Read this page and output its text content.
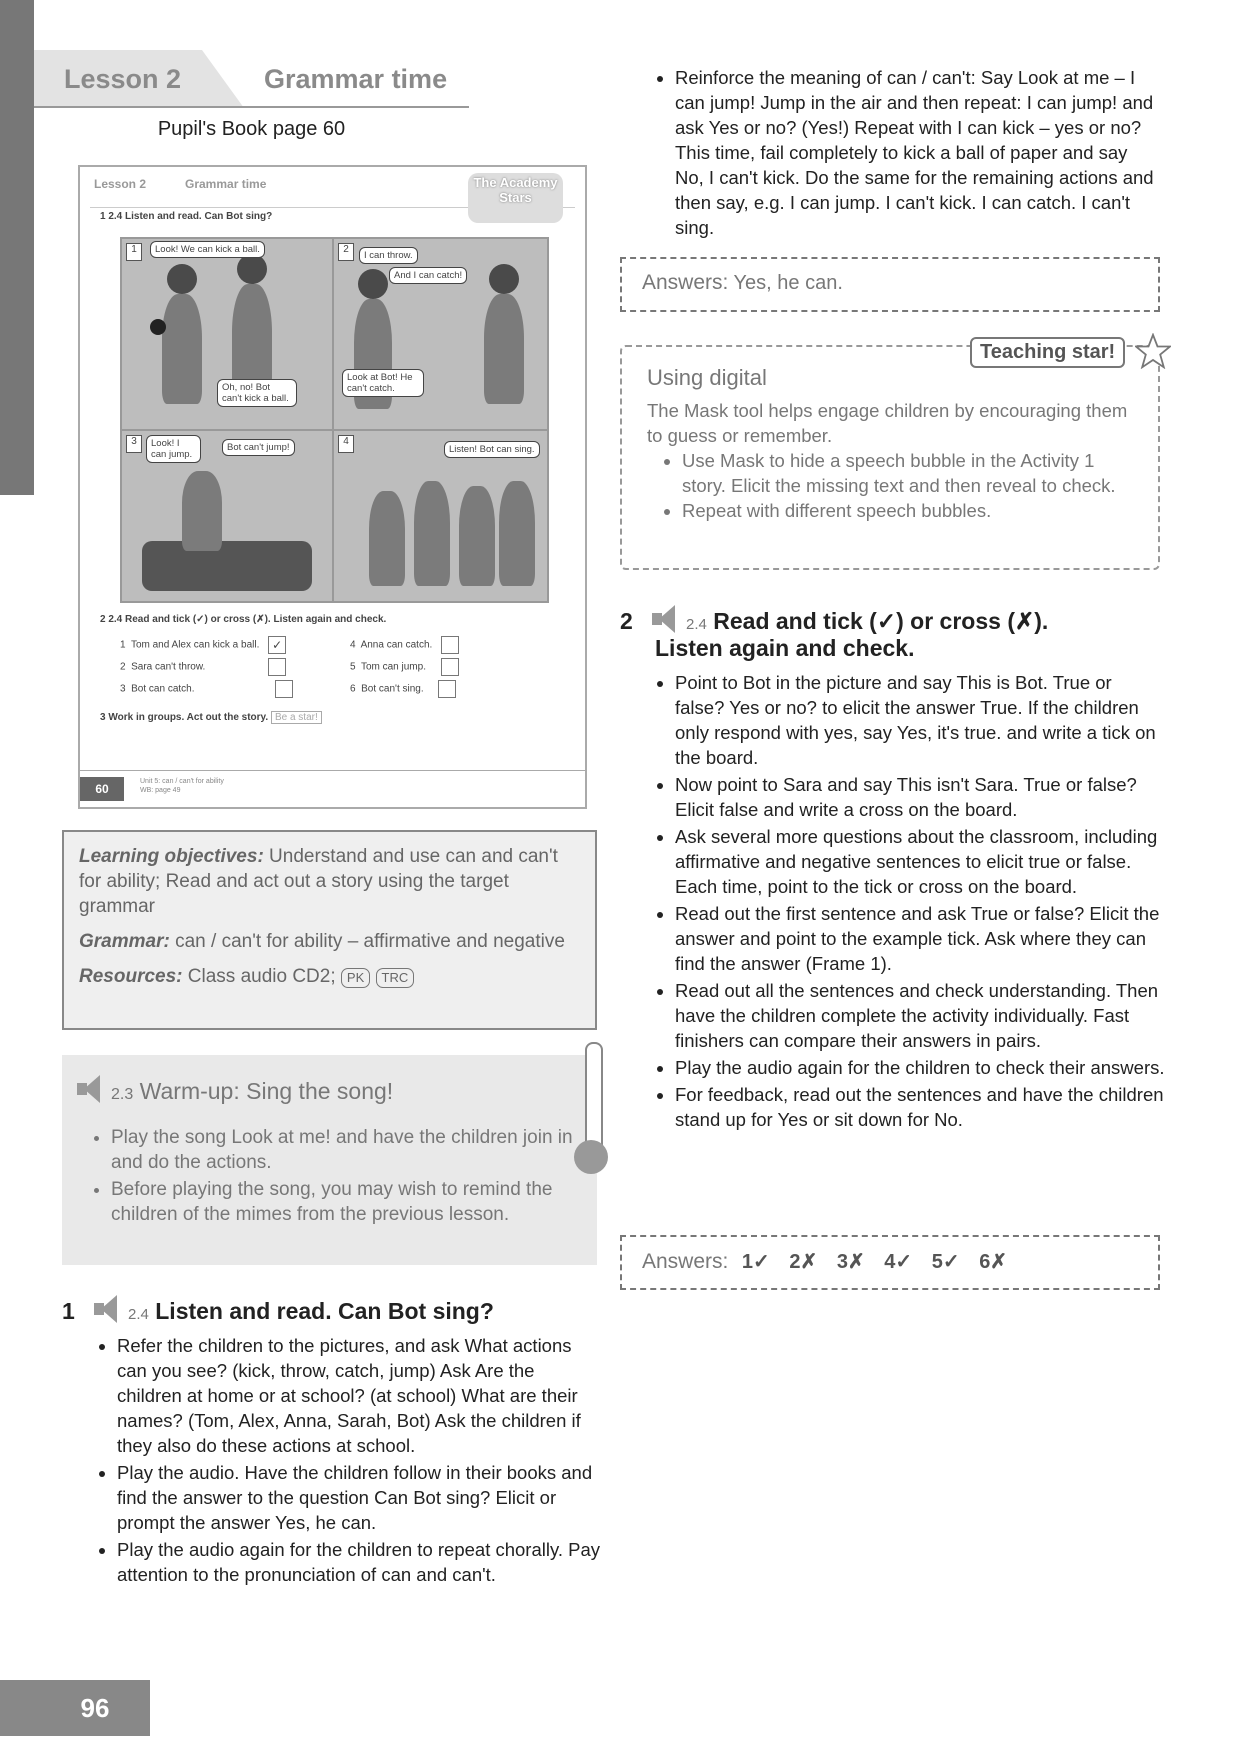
Lesson 2	Grammar time
Pupil's Book page 60
Lesson 2	Grammar time	The Academy Stars
1 2.4 Listen and read. Can Bot sing?
1	Look! We can kick a ball.
Oh, no! Bot can't kick a ball.
2
I can throw.
And I can catch!
Look at Bot! He can't catch.
3	Look! I can jump.
Bot can't jump!
4
Listen! Bot can sing.
2 2.4 Read and tick (✓) or cross (✗). Listen again and check.
1 Tom and Alex can kick a ball. ✓
2 Sara can't throw.
3 Bot can catch.
4 Anna can catch.
5 Tom can jump.
6 Bot can't sing.
3 Work in groups. Act out the story. Be a star!
60
Unit 5: can / can't for ability
WB: page 49

Learning objectives: Understand and use can and can't for ability; Read and act out a story using the target grammar

Grammar: can / can't for ability – affirmative and negative

Resources: Class audio CD2; PK TRC

2.3 Warm-up: Sing the song!
• Play the song Look at me! and have the children join in and do the actions.
• Before playing the song, you may wish to remind the children of the mimes from the previous lesson.
1	2.4 Listen and read. Can Bot sing?
• Refer the children to the pictures, and ask What actions can you see? (kick, throw, catch, jump) Ask Are the children at home or at school? (at school) What are their names? (Tom, Alex, Anna, Sarah, Bot) Ask the children if they also do these actions at school.
• Play the audio. Have the children follow in their books and find the answer to the question Can Bot sing? Elicit or prompt the answer Yes, he can.
• Play the audio again for the children to repeat chorally. Pay attention to the pronunciation of can and can't.
• Reinforce the meaning of can / can't: Say Look at me – I can jump! Jump in the air and then repeat: I can jump! and ask Yes or no? (Yes!) Repeat with I can kick – yes or no? This time, fail completely to kick a ball of paper and say No, I can't kick. Do the same for the remaining actions and then say, e.g. I can jump. I can't kick. I can catch. I can't sing.
Answers: Yes, he can.
Using digital

The Mask tool helps engage children by encouraging them to guess or remember.

• Use Mask to hide a speech bubble in the Activity 1 story. Elicit the missing text and then reveal to check.
• Repeat with different speech bubbles.
Teaching star!
2	2.4 Read and tick (✓) or cross (✗).
Listen again and check.
• Point to Bot in the picture and say This is Bot. True or false? Yes or no? to elicit the answer True. If the children only respond with yes, say Yes, it's true. and write a tick on the board.
• Now point to Sara and say This isn't Sara. True or false? Elicit false and write a cross on the board.
• Ask several more questions about the classroom, including affirmative and negative sentences to elicit true or false. Each time, point to the tick or cross on the board.
• Read out the first sentence and ask True or false? Elicit the answer and point to the example tick. Ask where they can find the answer (Frame 1).
• Read out all the sentences and check understanding. Then have the children complete the activity individually. Fast finishers can compare their answers in pairs.
• Play the audio again for the children to check their answers.
• For feedback, read out the sentences and have the children stand up for Yes or sit down for No.
Answers: 1✓ 2✗ 3✗ 4✓ 5✓ 6✗
96
